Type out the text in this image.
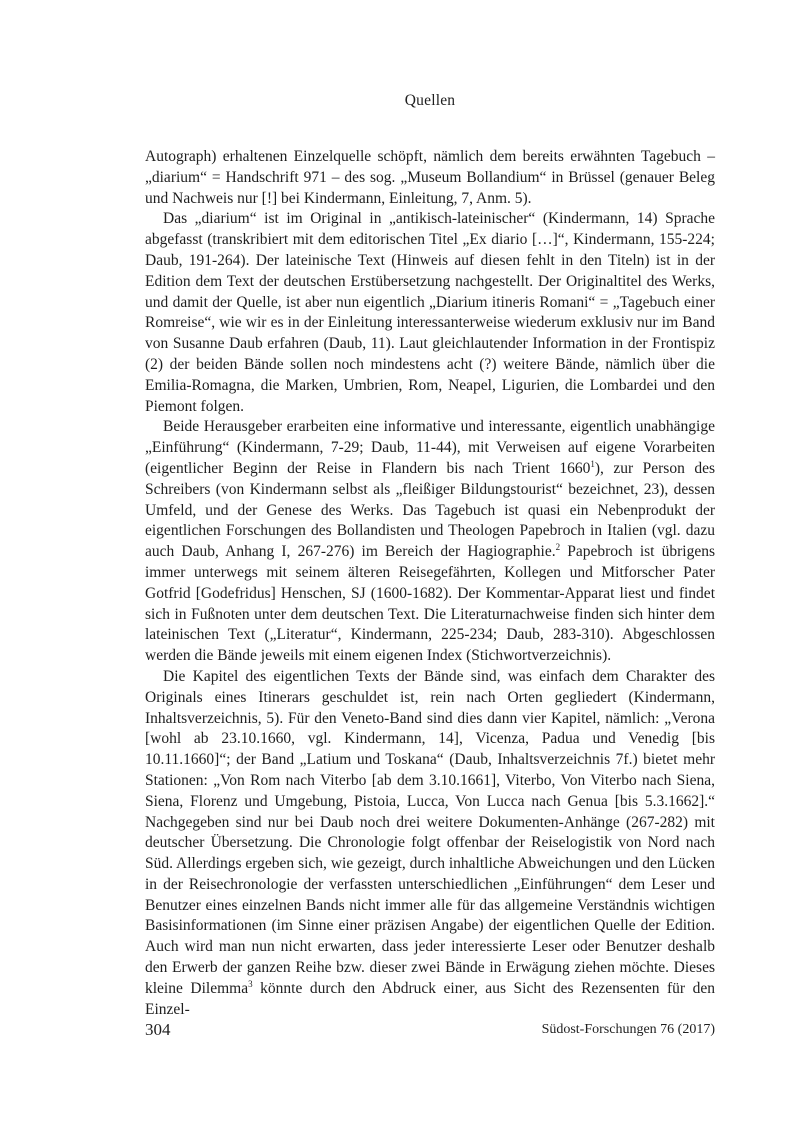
Quellen

Autograph) erhaltenen Einzelquelle schöpft, nämlich dem bereits erwähnten Tagebuch – „diarium“ = Handschrift 971 – des sog. „Museum Bollandium“ in Brüssel (genauer Beleg und Nachweis nur [!] bei Kindermann, Einleitung, 7, Anm. 5).

Das „diarium“ ist im Original in „antikisch-lateinischer“ (Kindermann, 14) Sprache abgefasst (transkribiert mit dem editorischen Titel „Ex diario […]“, Kindermann, 155-224; Daub, 191-264). Der lateinische Text (Hinweis auf diesen fehlt in den Titeln) ist in der Edition dem Text der deutschen Erstübersetzung nachgestellt. Der Originaltitel des Werks, und damit der Quelle, ist aber nun eigentlich „Diarium itineris Romani“ = „Tagebuch einer Romreise“, wie wir es in der Einleitung interessanterweise wiederum exklusiv nur im Band von Susanne Daub erfahren (Daub, 11). Laut gleichlautender Information in der Frontispiz (2) der beiden Bände sollen noch mindestens acht (?) weitere Bände, nämlich über die Emilia-Romagna, die Marken, Umbrien, Rom, Neapel, Ligurien, die Lombardei und den Piemont folgen.

Beide Herausgeber erarbeiten eine informative und interessante, eigentlich unabhängige „Einführung“ (Kindermann, 7-29; Daub, 11-44), mit Verweisen auf eigene Vorarbeiten (eigentlicher Beginn der Reise in Flandern bis nach Trient 1660$^1$), zur Person des Schreibers (von Kindermann selbst als „fleißiger Bildungstourist“ bezeichnet, 23), dessen Umfeld, und der Genese des Werks. Das Tagebuch ist quasi ein Nebenprodukt der eigentlichen Forschungen des Bollandisten und Theologen Papebroch in Italien (vgl. dazu auch Daub, Anhang I, 267-276) im Bereich der Hagiographie.$^2$ Papebroch ist übrigens immer unterwegs mit seinem älteren Reisegefährten, Kollegen und Mitforscher Pater Gotfrid [Godefridus] Henschen, SJ (1600-1682). Der Kommentar-Apparat liest und findet sich in Fußnoten unter dem deutschen Text. Die Literaturnachweise finden sich hinter dem lateinischen Text („Literatur“, Kindermann, 225-234; Daub, 283-310). Abgeschlossen werden die Bände jeweils mit einem eigenen Index (Stichwortverzeichnis).

Die Kapitel des eigentlichen Texts der Bände sind, was einfach dem Charakter des Originals eines Itinerars geschuldet ist, rein nach Orten gegliedert (Kindermann, Inhaltsverzeichnis, 5). Für den Veneto-Band sind dies dann vier Kapitel, nämlich: „Verona [wohl ab 23.10.1660, vgl. Kindermann, 14], Vicenza, Padua und Venedig [bis 10.11.1660]“; der Band „Latium und Toskana“ (Daub, Inhaltsverzeichnis 7f.) bietet mehr Stationen: „Von Rom nach Viterbo [ab dem 3.10.1661], Viterbo, Von Viterbo nach Siena, Siena, Florenz und Umgebung, Pistoia, Lucca, Von Lucca nach Genua [bis 5.3.1662].“ Nachgegeben sind nur bei Daub noch drei weitere Dokumenten-Anhänge (267-282) mit deutscher Übersetzung. Die Chronologie folgt offenbar der Reiselogistik von Nord nach Süd. Allerdings ergeben sich, wie gezeigt, durch inhaltliche Abweichungen und den Lücken in der Reisechronologie der verfassten unterschiedlichen „Einführungen“ dem Leser und Benutzer eines einzelnen Bands nicht immer alle für das allgemeine Verständnis wichtigen Basisinformationen (im Sinne einer präzisen Angabe) der eigentlichen Quelle der Edition. Auch wird man nun nicht erwarten, dass jeder interessierte Leser oder Benutzer deshalb den Erwerb der ganzen Reihe bzw. dieser zwei Bände in Erwägung ziehen möchte. Dieses kleine Dilemma$^3$ könnte durch den Abdruck einer, aus Sicht des Rezensenten für den Einzel-

304	Südost-Forschungen 76 (2017)
